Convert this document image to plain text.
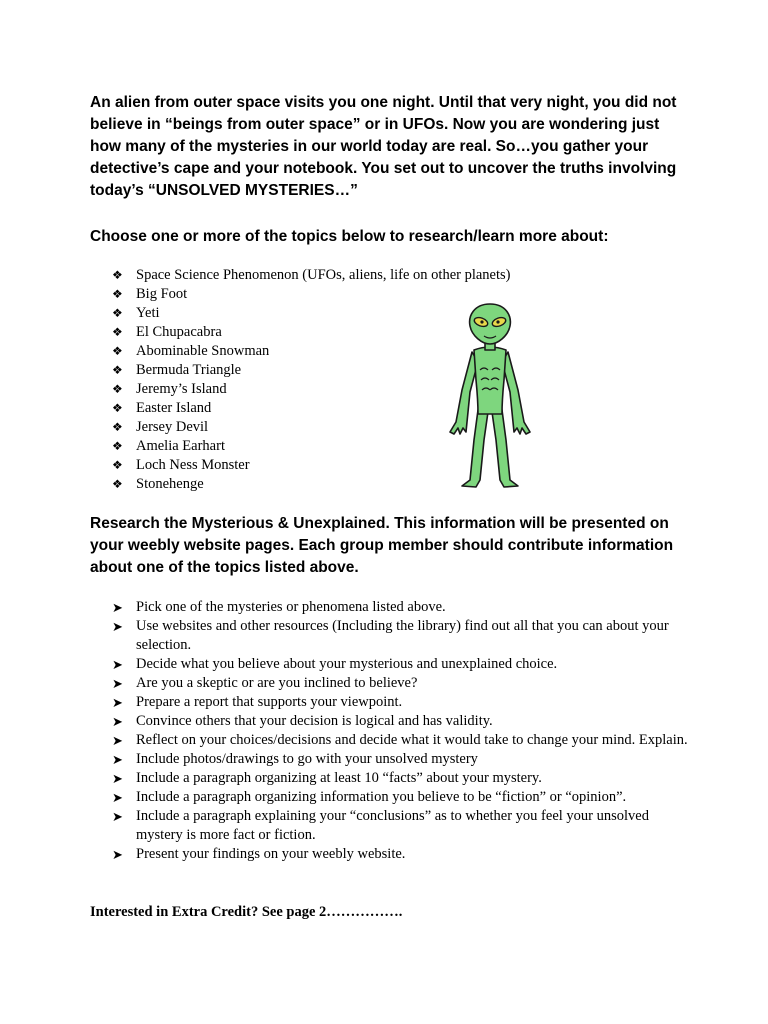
An alien from outer space visits you one night. Until that very night, you did not believe in “beings from outer space” or in UFOs. Now you are wondering just how many of the mysteries in our world today are real. So…you gather your detective’s cape and your notebook. You set out to uncover the truths involving today’s “UNSOLVED MYSTERIES…”

Choose one or more of the topics below to research/learn more about:

❖ Space Science Phenomenon (UFOs, aliens, life on other planets)
❖ Big Foot
❖ Yeti
❖ El Chupacabra
❖ Abominable Snowman
❖ Bermuda Triangle
❖ Jeremy’s Island
❖ Easter Island
❖ Jersey Devil
❖ Amelia Earhart
❖ Loch Ness Monster
❖ Stonehenge

Research the Mysterious & Unexplained. This information will be presented on your weebly website pages. Each group member should contribute information about one of the topics listed above.

➤ Pick one of the mysteries or phenomena listed above.
➤ Use websites and other resources (Including the library) find out all that you can about your selection.
➤ Decide what you believe about your mysterious and unexplained choice.
➤ Are you a skeptic or are you inclined to believe?
➤ Prepare a report that supports your viewpoint.
➤ Convince others that your decision is logical and has validity.
➤ Reflect on your choices/decisions and decide what it would take to change your mind. Explain.
➤ Include photos/drawings to go with your unsolved mystery
➤ Include a paragraph organizing at least 10 “facts” about your mystery.
➤ Include a paragraph organizing information you believe to be “fiction” or “opinion”.
➤ Include a paragraph explaining your “conclusions” as to whether you feel your unsolved mystery is more fact or fiction.
➤ Present your findings on your weebly website.

Interested in Extra Credit? See page 2…………….
